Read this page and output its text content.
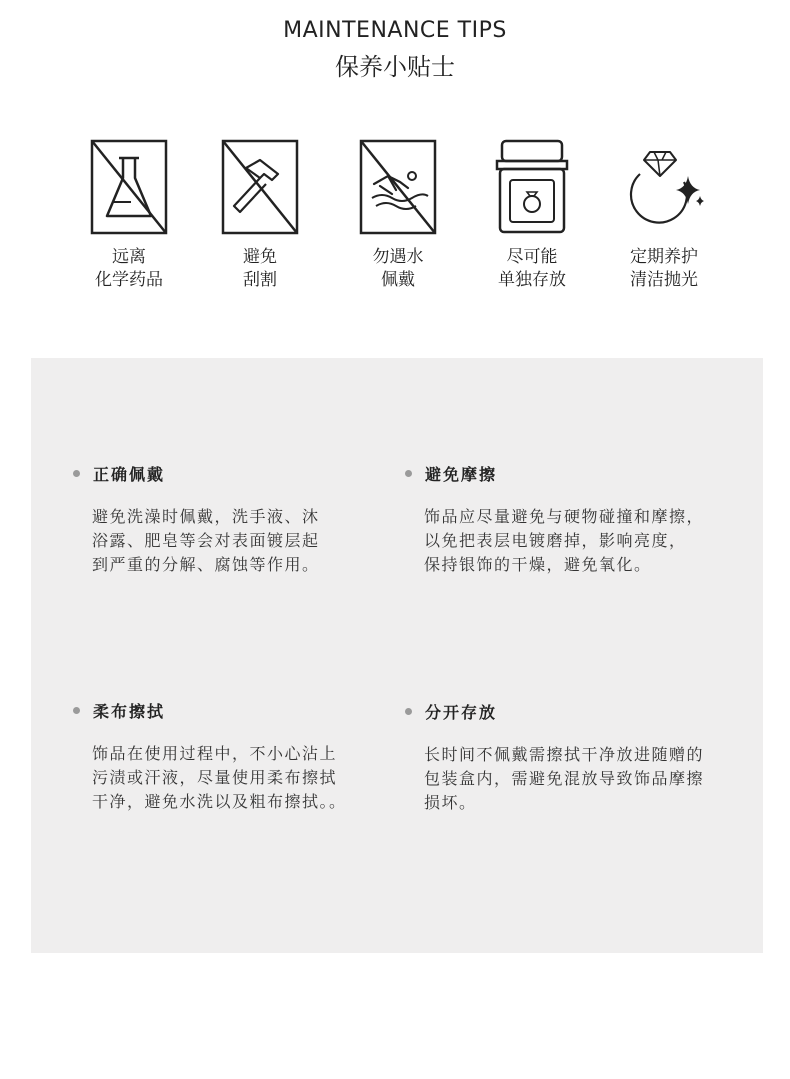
MAINTENANCE TIPS
保养小贴士
远离
化学药品
避免
刮割
勿遇水
佩戴
尽可能
单独存放
定期养护
清洁抛光
正确佩戴
避免洗澡时佩戴，洗手液、沐
浴露、肥皂等会对表面镀层起
到严重的分解、腐蚀等作用。
避免摩擦
饰品应尽量避免与硬物碰撞和摩擦，
以免把表层电镀磨掉，影响亮度，
保持银饰的干燥，避免氧化。
柔布擦拭
饰品在使用过程中，不小心沾上
污渍或汗液，尽量使用柔布擦拭
干净，避免水洗以及粗布擦拭。。
分开存放
长时间不佩戴需擦拭干净放进随赠的
包装盒内，需避免混放导致饰品摩擦
损坏。
